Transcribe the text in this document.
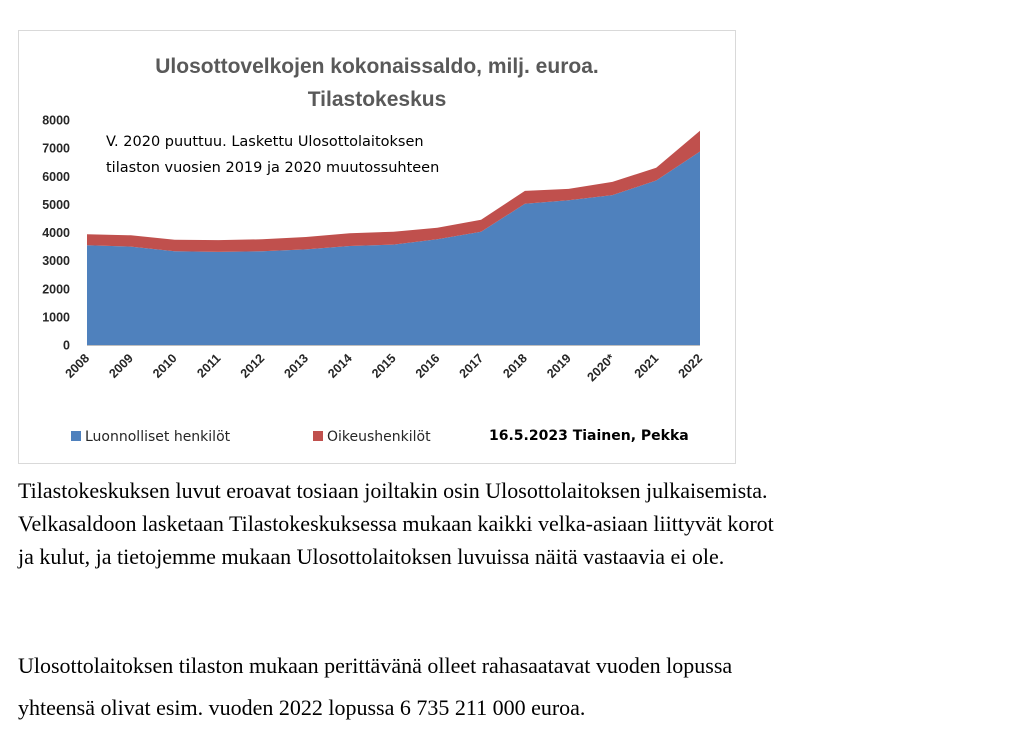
Ulosottovelkojen kokonaissaldo, milj. euroa.
Tilastokeskus
V. 2020 puuttuu. Laskettu Ulosottolaitoksen
tilaston vuosien 2019 ja 2020 muutossuhteen
0
1000
2000
3000
4000
5000
6000
7000
8000
2008 2009 2010 2011 2012 2013 2014 2015 2016 2017 2018 2019 2020* 2021 2022
Luonnolliset henkilöt	Oikeushenkilöt	16.5.2023 Tiainen, Pekka

Tilastokeskuksen luvut eroavat tosiaan joiltakin osin Ulosottolaitoksen julkaisemista.
Velkasaldoon lasketaan Tilastokeskuksessa mukaan kaikki velka-asiaan liittyvät korot
ja kulut, ja tietojemme mukaan Ulosottolaitoksen luvuissa näitä vastaavia ei ole.

Ulosottolaitoksen tilaston mukaan perittävänä olleet rahasaatavat vuoden lopussa
yhteensä olivat esim. vuoden 2022 lopussa 6 735 211 000 euroa.
